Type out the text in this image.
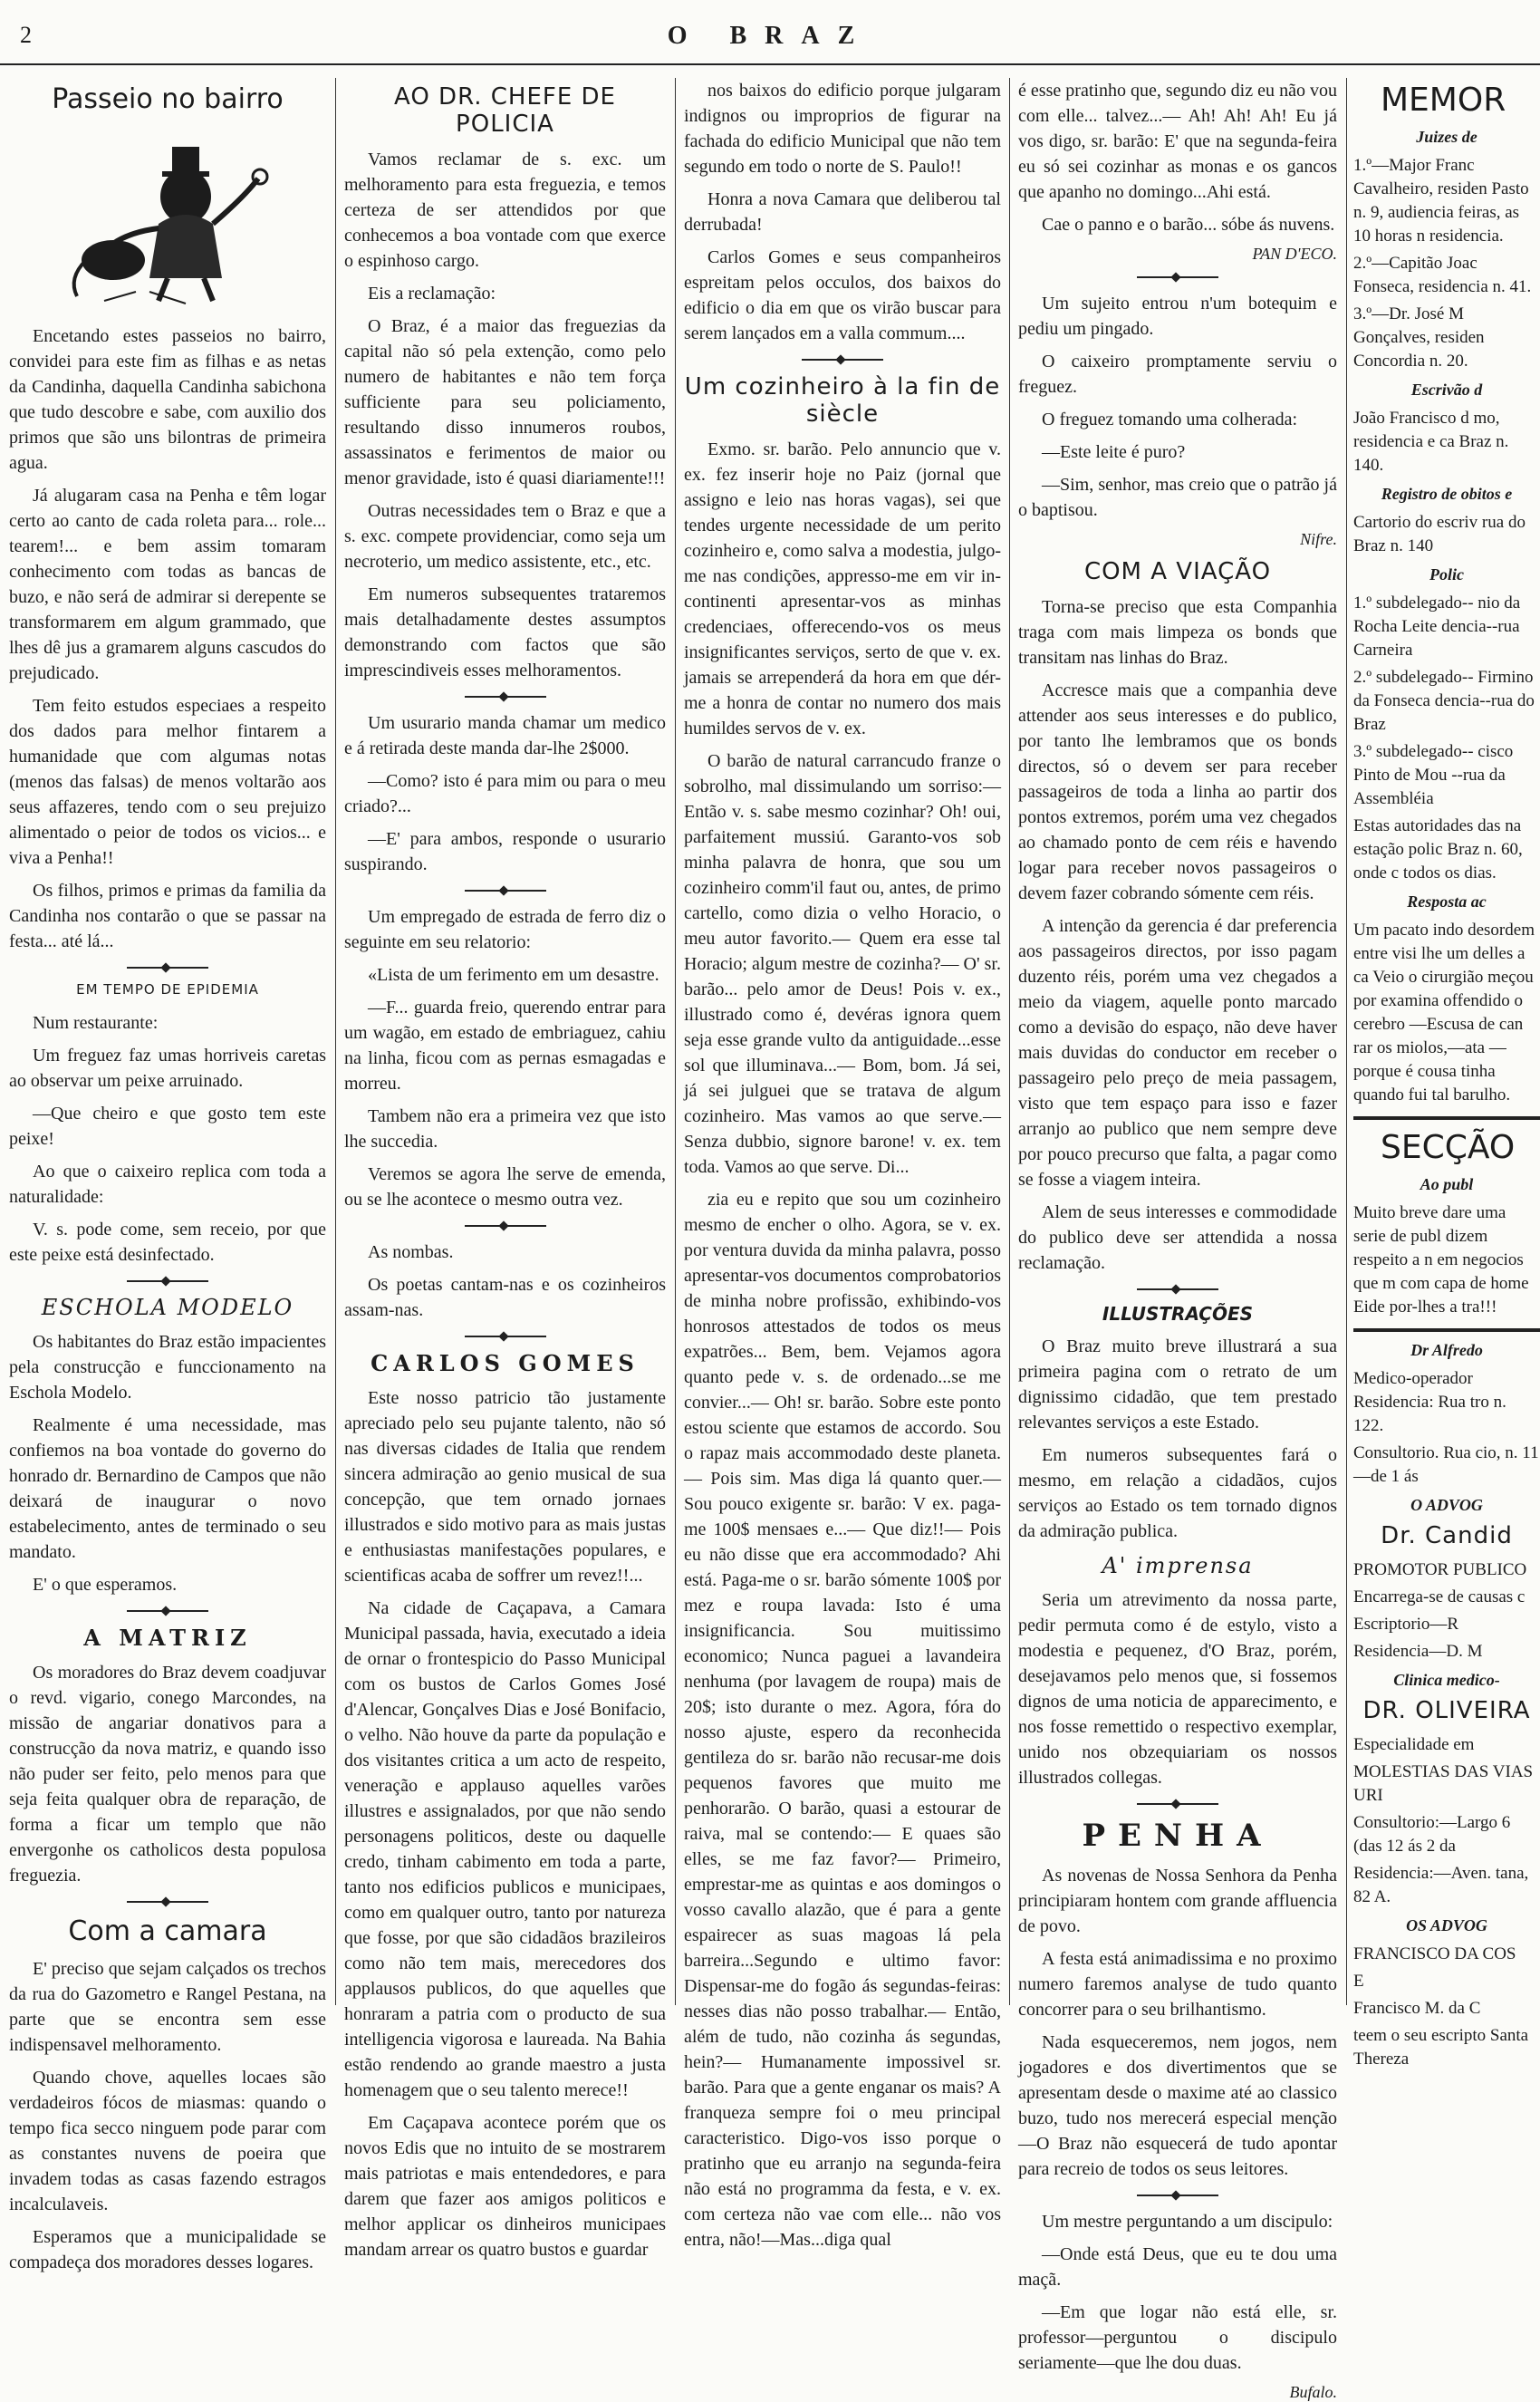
2	O BRAZ
Passeio no bairro

Encetando estes passeios no bairro, convidei para este fim as filhas e as netas da Candinha, daquella Candinha sabichona que tudo descobre e sabe, com auxilio dos primos que são uns bilontras de primeira agua.

Já alugaram casa na Penha e têm logar certo ao canto de cada roleta para... role... tearem!... e bem assim tomaram conhecimento com todas as bancas de buzo, e não será de admirar si derepente se transformarem em algum grammado, que lhes dê jus a gramarem alguns cascudos do prejudicado.

Tem feito estudos especiaes a respeito dos dados para melhor fintarem a humanidade que com algumas notas (menos das falsas) de menos voltarão aos seus affazeres, tendo com o seu prejuizo alimentado o peior de todos os vicios... e viva a Penha!!

Os filhos, primos e primas da familia da Candinha nos contarão o que se passar na festa... até lá...

EM TEMPO DE EPIDEMIA

Num restaurante:

Um freguez faz umas horriveis caretas ao observar um peixe arruinado.

—Que cheiro e que gosto tem este peixe!

Ao que o caixeiro replica com toda a naturalidade:

V. s. pode come, sem receio, por que este peixe está desinfectado.

ESCHOLA MODELO

Os habitantes do Braz estão impacientes pela construcção e funccionamento na Eschola Modelo.

Realmente é uma necessidade, mas confiemos na boa vontade do governo do honrado dr. Bernardino de Campos que não deixará de inaugurar o novo estabelecimento, antes de terminado o seu mandato.

E' o que esperamos.

A MATRIZ

Os moradores do Braz devem coadjuvar o revd. vigario, conego Marcondes, na missão de angariar donativos para a construcção da nova matriz, e quando isso não puder ser feito, pelo menos para que seja feita qualquer obra de reparação, de forma a ficar um templo que não envergonhe os catholicos desta populosa freguezia.

Com a camara

E' preciso que sejam calçados os trechos da rua do Gazometro e Rangel Pestana, na parte que se encontra sem esse indispensavel melhoramento.

Quando chove, aquelles locaes são verdadeiros fócos de miasmas: quando o tempo fica secco ninguem pode parar com as constantes nuvens de poeira que invadem todas as casas fazendo estragos incalculaveis.

Esperamos que a municipalidade se compadeça dos moradores desses logares.

AO DR. CHEFE DE POLICIA

Vamos reclamar de s. exc. um melhoramento para esta freguezia, e temos certeza de ser attendidos por que conhecemos a boa vontade com que exerce o espinhoso cargo.

Eis a reclamação:

O Braz, é a maior das freguezias da capital não só pela extenção, como pelo numero de habitantes e não tem força sufficiente para seu policiamento, resultando disso innumeros roubos, assassinatos e ferimentos de maior ou menor gravidade, isto é quasi diariamente!!!

Outras necessidades tem o Braz e que a s. exc. compete providenciar, como seja um necroterio, um medico assistente, etc., etc.

Em numeros subsequentes trataremos mais detalhadamente destes assumptos demonstrando com factos que são imprescindiveis esses melhoramentos.

Um usurario manda chamar um medico e á retirada deste manda dar-lhe 2$000.

—Como? isto é para mim ou para o meu criado?...

—E' para ambos, responde o usurario suspirando.

Um empregado de estrada de ferro diz o seguinte em seu relatorio:

«Lista de um ferimento em um desastre.

—F... guarda freio, querendo entrar para um wagão, em estado de embriaguez, cahiu na linha, ficou com as pernas esmagadas e morreu.

Tambem não era a primeira vez que isto lhe succedia.

Veremos se agora lhe serve de emenda, ou se lhe acontece o mesmo outra vez.

As nombas.

Os poetas cantam-nas e os cozinheiros assam-nas.

CARLOS GOMES

Este nosso patricio tão justamente apreciado pelo seu pujante talento, não só nas diversas cidades de Italia que rendem sincera admiração ao genio musical de sua concepção, que tem ornado jornaes illustrados e sido motivo para as mais justas e enthusiastas manifestações populares, e scientificas acaba de soffrer um revez!!...

Na cidade de Caçapava, a Camara Municipal passada, havia, executado a ideia de ornar o frontespicio do Passo Municipal com os bustos de Carlos Gomes José d'Alencar, Gonçalves Dias e José Bonifacio, o velho. Não houve da parte da população e dos visitantes critica a um acto de respeito, veneração e applauso aquelles varões illustres e assignalados, por que não sendo personagens politicos, deste ou daquelle credo, tinham cabimento em toda a parte, tanto nos edificios publicos e municipaes, como em qualquer outro, tanto por natureza que fosse, por que são cidadãos brazileiros como não tem mais, merecedores dos applausos publicos, do que aquelles que honraram a patria com o producto de sua intelligencia vigorosa e laureada. Na Bahia estão rendendo ao grande maestro a justa homenagem que o seu talento merece!!

Em Caçapava acontece porém que os novos Edis que no intuito de se mostrarem mais patriotas e mais entendedores, e para darem que fazer aos amigos politicos e melhor applicar os dinheiros municipaes mandam arrear os quatro bustos e guardar

nos baixos do edificio porque julgaram indignos ou improprios de figurar na fachada do edificio Municipal que não tem segundo em todo o norte de S. Paulo!!

Honra a nova Camara que deliberou tal derrubada!

Carlos Gomes e seus companheiros espreitam pelos occulos, dos baixos do edificio o dia em que os virão buscar para serem lançados em a valla commum....

Um cozinheiro à la fin de siècle

Exmo. sr. barão. Pelo annuncio que v. ex. fez inserir hoje no Paiz (jornal que assigno e leio nas horas vagas), sei que tendes urgente necessidade de um perito cozinheiro e, como salva a modestia, julgo-me nas condições, appresso-me em vir in-continenti apresentar-vos as minhas credenciaes, offerecendo-vos os meus insignificantes serviços, serto de que v. ex. jamais se arrependerá da hora em que dér-me a honra de contar no numero dos mais humildes servos de v. ex.

O barão de natural carrancudo franze o sobrolho, mal dissimulando um sorriso:—Então v. s. sabe mesmo cozinhar? Oh! oui, parfaitement mussiú. Garanto-vos sob minha palavra de honra, que sou um cozinheiro comm'il faut ou, antes, de primo cartello, como dizia o velho Horacio, o meu autor favorito.— Quem era esse tal Horacio; algum mestre de cozinha?— O' sr. barão... pelo amor de Deus! Pois v. ex., illustrado como é, devéras ignora quem seja esse grande vulto da antiguidade...esse sol que illuminava...— Bom, bom. Já sei, já sei julguei que se tratava de algum cozinheiro. Mas vamos ao que serve.—Senza dubbio, signore barone! v. ex. tem toda. Vamos ao que serve. Di...

zia eu e repito que sou um cozinheiro mesmo de encher o olho. Agora, se v. ex. por ventura duvida da minha palavra, posso apresentar-vos documentos comprobatorios de minha nobre profissão, exhibindo-vos honrosos attestados de todos os meus expatrões... Bem, bem. Vejamos agora quanto pede v. s. de ordenado...se me convier...— Oh! sr. barão. Sobre este ponto estou sciente que estamos de accordo. Sou o rapaz mais accommodado deste planeta.— Pois sim. Mas diga lá quanto quer.—Sou pouco exigente sr. barão: V ex. paga-me 100$ mensaes e...— Que diz!!— Pois eu não disse que era accommodado? Ahi está. Paga-me o sr. barão sómente 100$ por mez e roupa lavada: Isto é uma insignificancia. Sou muitissimo economico; Nunca paguei a lavandeira nenhuma (por lavagem de roupa) mais de 20$; isto durante o mez. Agora, fóra do nosso ajuste, espero da reconhecida gentileza do sr. barão não recusar-me dois pequenos favores que muito me penhorarão. O barão, quasi a estourar de raiva, mal se contendo:— E quaes são elles, se me faz favor?— Primeiro, emprestar-me as quintas e aos domingos o vosso cavallo alazão, que é para a gente espairecer as suas magoas lá pela barreira...Segundo e ultimo favor: Dispensar-me do fogão ás segundas-feiras: nesses dias não posso trabalhar.— Então, além de tudo, não cozinha ás segundas, hein?— Humanamente impossivel sr. barão. Para que a gente enganar os mais? A franqueza sempre foi o meu principal caracteristico. Digo-vos isso porque o pratinho que eu arranjo na segunda-feira não está no programma da festa, e v. ex. com certeza não vae com elle... não vos entra, não!—Mas...diga qual

é esse pratinho que, segundo diz eu não vou com elle... talvez...— Ah! Ah! Ah! Eu já vos digo, sr. barão: E' que na segunda-feira eu só sei cozinhar as monas e os gancos que apanho no domingo...Ahi está.

Cae o panno e o barão... sóbe ás nuvens.

PAN D'ECO.

Um sujeito entrou n'um botequim e pediu um pingado.

O caixeiro promptamente serviu o freguez.

O freguez tomando uma colherada:

—Este leite é puro?

—Sim, senhor, mas creio que o patrão já o baptisou.

Nifre.
COM A VIAÇÃO

Torna-se preciso que esta Companhia traga com mais limpeza os bonds que transitam nas linhas do Braz.

Accresce mais que a companhia deve attender aos seus interesses e do publico, por tanto lhe lembramos que os bonds directos, só o devem ser para receber passageiros de toda a linha ao partir dos pontos extremos, porém uma vez chegados ao chamado ponto de cem réis e havendo logar para receber novos passageiros o devem fazer cobrando sómente cem réis.

A intenção da gerencia é dar preferencia aos passageiros directos, por isso pagam duzento réis, porém uma vez chegados a meio da viagem, aquelle ponto marcado como a devisão do espaço, não deve haver mais duvidas do conductor em receber o passageiro pelo preço de meia passagem, visto que tem espaço para isso e fazer arranjo ao publico que nem sempre deve por pouco precurso que falta, a pagar como se fosse a viagem inteira.

Alem de seus interesses e commodidade do publico deve ser attendida a nossa reclamação.

ILLUSTRAÇÕES

O Braz muito breve illustrará a sua primeira pagina com o retrato de um dignissimo cidadão, que tem prestado relevantes serviços a este Estado.

Em numeros subsequentes fará o mesmo, em relação a cidadãos, cujos serviços ao Estado os tem tornado dignos da admiração publica.

A' imprensa

Seria um atrevimento da nossa parte, pedir permuta como é de estylo, visto a modestia e pequenez, d'O Braz, porém, desejavamos pelo menos que, si fossemos dignos de uma noticia de apparecimento, e nos fosse remettido o respectivo exemplar, unido nos obzequiariam os nossos illustrados collegas.

PENHA

As novenas de Nossa Senhora da Penha principiaram hontem com grande affluencia de povo.

A festa está animadissima e no proximo numero faremos analyse de tudo quanto concorrer para o seu brilhantismo.

Nada esqueceremos, nem jogos, nem jogadores e dos divertimentos que se apresentam desde o maxime até ao classico buzo, tudo nos merecerá especial menção—O Braz não esquecerá de tudo apontar para recreio de todos os seus leitores.

Um mestre perguntando a um discipulo:

—Onde está Deus, que eu te dou uma maçã.

—Em que logar não está elle, sr. professor—perguntou o discipulo seriamente—que lhe dou duas.

Bufalo.
MEMOR
Juizes de
1.º—Major Franc Cavalheiro, residen Pasto n. 9, audiencia feiras, as 10 horas n residencia.
2.º—Capitão Joac Fonseca, residencia n. 41.
3.º—Dr. José M Gonçalves, residen Concordia n. 20.
Escrivão d
João Francisco d mo, residencia e ca Braz n. 140.
Registro de obitos e
Cartorio do escriv rua do Braz n. 140
Polic
1.º subdelegado-- nio da Rocha Leite dencia--rua Carneira
2.º subdelegado-- Firmino da Fonseca dencia--rua do Braz
3.º subdelegado-- cisco Pinto de Mou --rua da Assembléia
Estas autoridades das na estação polic Braz n. 60, onde c todos os dias.
Resposta ac
Um pacato indo desordem entre visi lhe um delles a ca Veio o cirurgião meçou por examina offendido o cerebro —Escusa de can rar os miolos,—ata —porque é cousa tinha quando fui tal barulho.
SECÇÃO
Ao publ
Muito breve dare uma serie de publ dizem respeito a n em negocios que m com capa de home Eide por-lhes a tra!!!
Dr Alfredo
Medico-operador Residencia: Rua tro n. 122.
Consultorio. Rua cio, n. 11—de 1 ás
O ADVOG
Dr. Candid
PROMOTOR PUBLICO
Encarrega-se de causas c
Escriptorio—R
Residencia—D. M
Clinica medico-
DR. OLIVEIRA
Especialidade em
MOLESTIAS DAS VIAS URI
Consultorio:—Largo 6 (das 12 ás 2 da
Residencia:—Aven. tana, 82 A.
OS ADVOG
FRANCISCO DA COS
E
Francisco M. da C
teem o seu escripto Santa Thereza
